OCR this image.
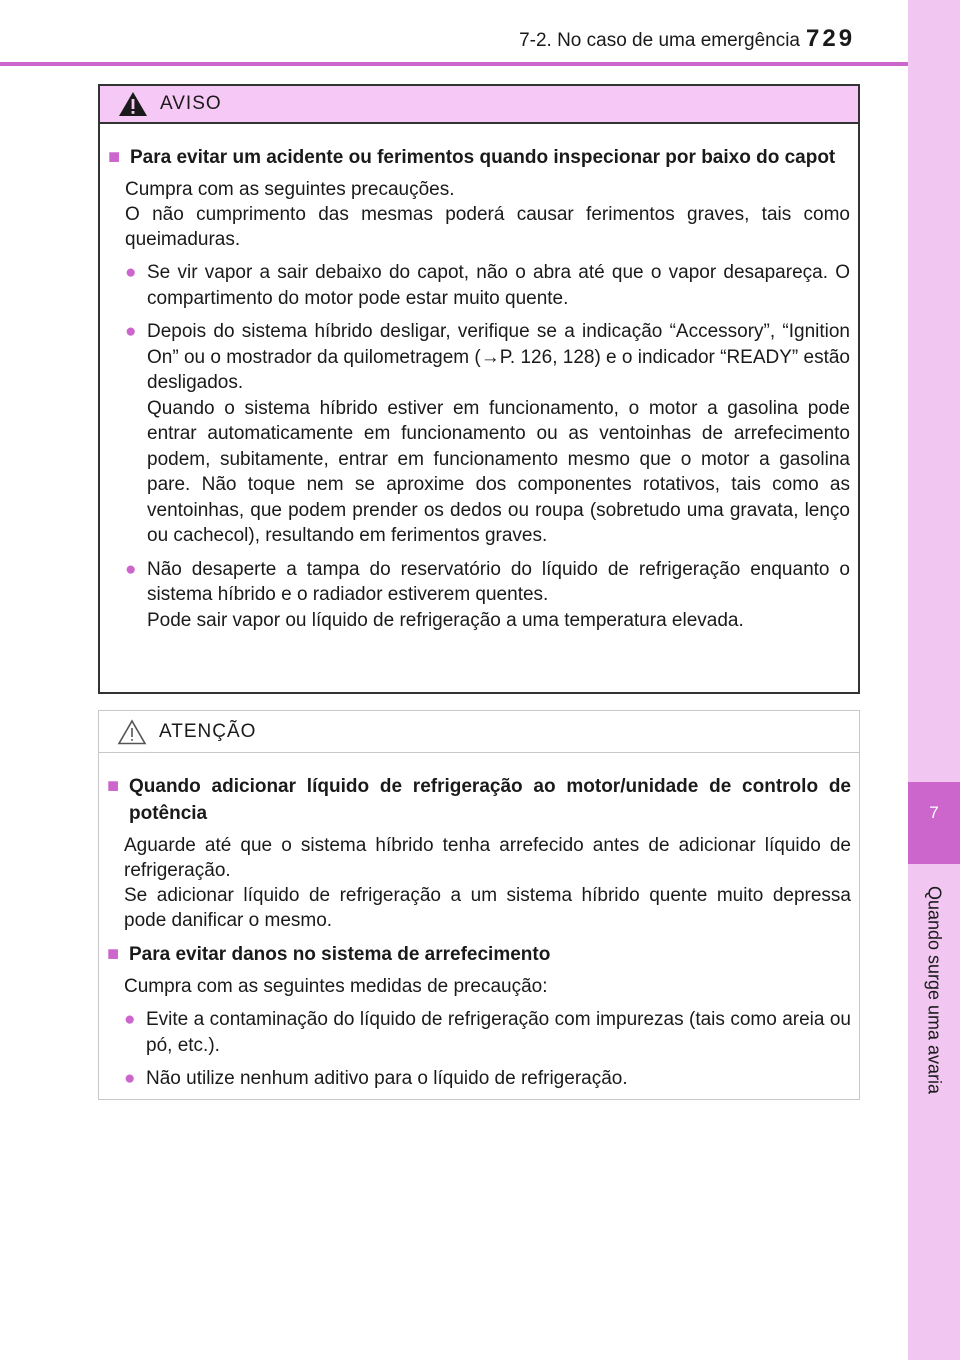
7-2. No caso de uma emergência 729
7
Quando surge uma avaria
AVISO
■ Para evitar um acidente ou ferimentos quando inspecionar por baixo do capot
Cumpra com as seguintes precauções.
O não cumprimento das mesmas poderá causar ferimentos graves, tais como queimaduras.
● Se vir vapor a sair debaixo do capot, não o abra até que o vapor desapareça. O compartimento do motor pode estar muito quente.
● Depois do sistema híbrido desligar, verifique se a indicação “Accessory”, “Ignition On” ou o mostrador da quilometragem (→P. 126, 128) e o indicador “READY” estão desligados.
Quando o sistema híbrido estiver em funcionamento, o motor a gasolina pode entrar automaticamente em funcionamento ou as ventoinhas de arrefecimento podem, subitamente, entrar em funcionamento mesmo que o motor a gasolina pare. Não toque nem se aproxime dos componentes rotativos, tais como as ventoinhas, que podem prender os dedos ou roupa (sobretudo uma gravata, lenço ou cachecol), resultando em ferimentos graves.
● Não desaperte a tampa do reservatório do líquido de refrigeração enquanto o sistema híbrido e o radiador estiverem quentes.
Pode sair vapor ou líquido de refrigeração a uma temperatura elevada.
ATENÇÃO
■ Quando adicionar líquido de refrigeração ao motor/unidade de controlo de potência
Aguarde até que o sistema híbrido tenha arrefecido antes de adicionar líquido de refrigeração.
Se adicionar líquido de refrigeração a um sistema híbrido quente muito depressa pode danificar o mesmo.
■ Para evitar danos no sistema de arrefecimento
Cumpra com as seguintes medidas de precaução:
● Evite a contaminação do líquido de refrigeração com impurezas (tais como areia ou pó, etc.).
● Não utilize nenhum aditivo para o líquido de refrigeração.
